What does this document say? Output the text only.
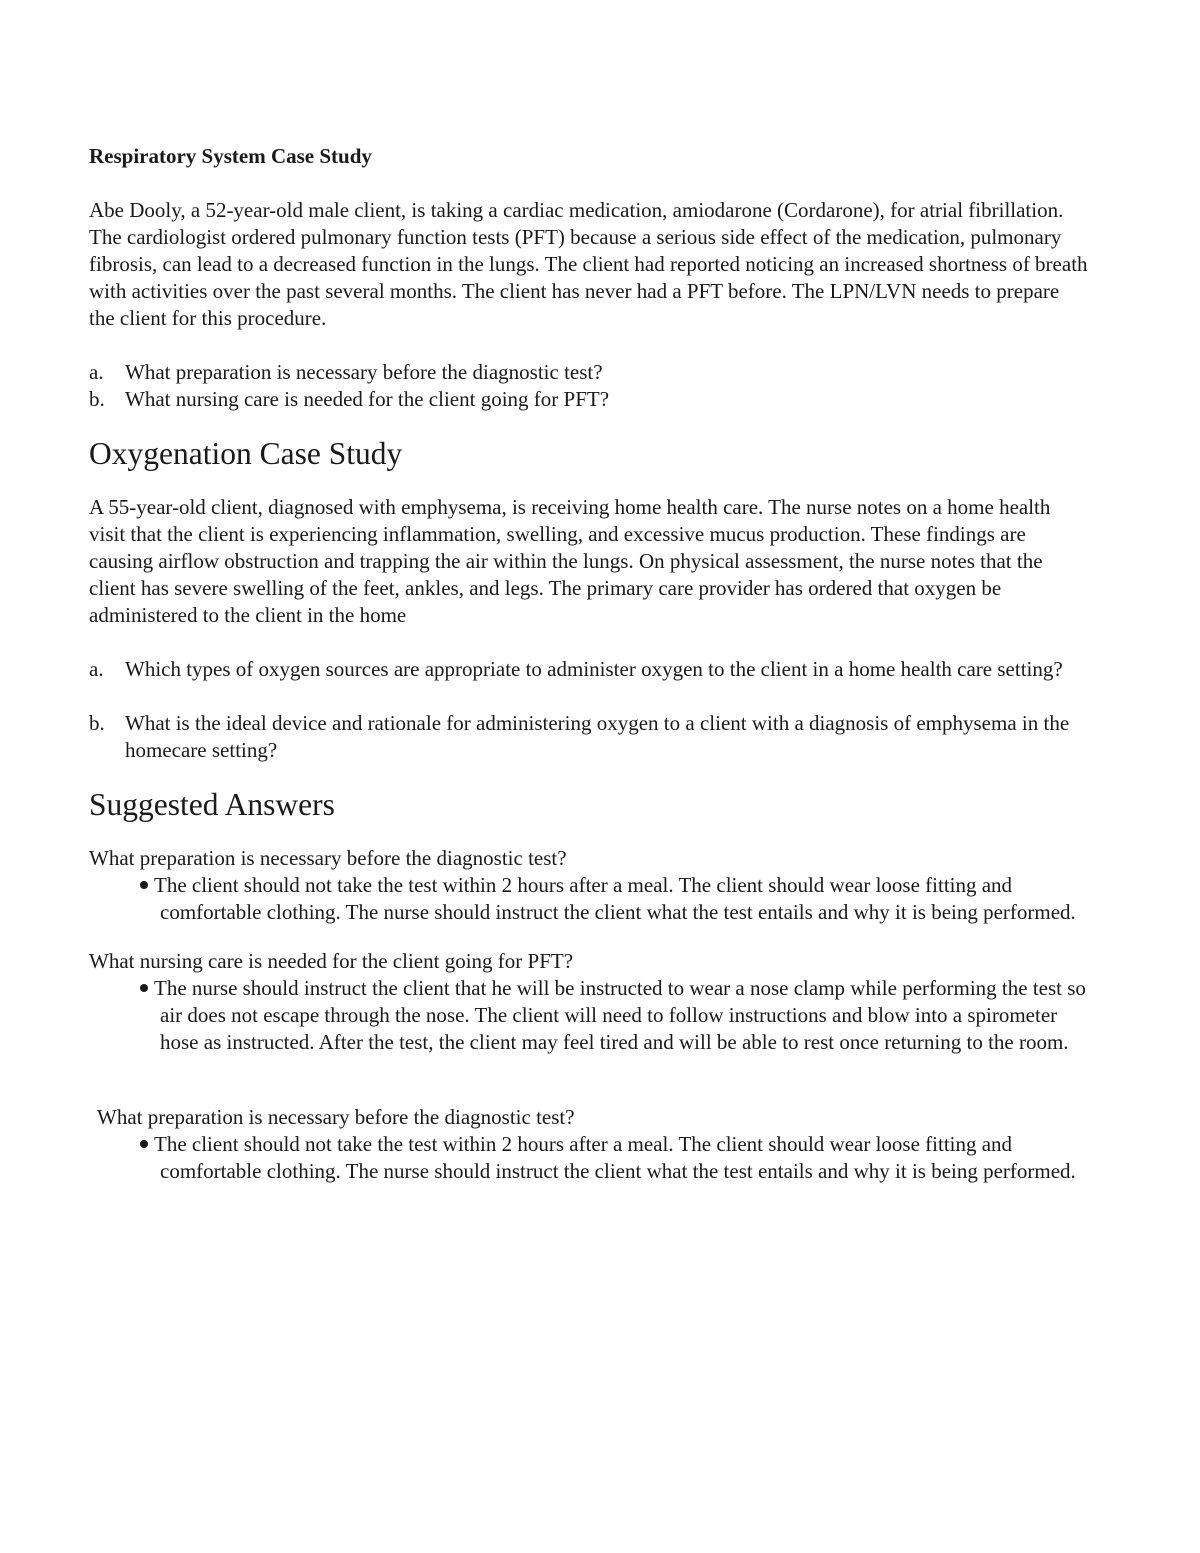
Respiratory System Case Study

Abe Dooly, a 52-year-old male client, is taking a cardiac medication, amiodarone (Cordarone), for atrial fibrillation. The cardiologist ordered pulmonary function tests (PFT) because a serious side effect of the medication, pulmonary fibrosis, can lead to a decreased function in the lungs. The client had reported noticing an increased shortness of breath with activities over the past several months. The client has never had a PFT before. The LPN/LVN needs to prepare the client for this procedure.

a. What preparation is necessary before the diagnostic test?
b. What nursing care is needed for the client going for PFT?
Oxygenation Case Study

A 55-year-old client, diagnosed with emphysema, is receiving home health care. The nurse notes on a home health visit that the client is experiencing inflammation, swelling, and excessive mucus production. These findings are causing airflow obstruction and trapping the air within the lungs. On physical assessment, the nurse notes that the client has severe swelling of the feet, ankles, and legs. The primary care provider has ordered that oxygen be administered to the client in the home

a. Which types of oxygen sources are appropriate to administer oxygen to the client in a home health care setting?
b. What is the ideal device and rationale for administering oxygen to a client with a diagnosis of emphysema in the homecare setting?
Suggested Answers

What preparation is necessary before the diagnostic test?

The client should not take the test within 2 hours after a meal. The client should wear loose fitting and comfortable clothing. The nurse should instruct the client what the test entails and why it is being performed.

What nursing care is needed for the client going for PFT?

The nurse should instruct the client that he will be instructed to wear a nose clamp while performing the test so air does not escape through the nose. The client will need to follow instructions and blow into a spirometer hose as instructed. After the test, the client may feel tired and will be able to rest once returning to the room.

What preparation is necessary before the diagnostic test?

The client should not take the test within 2 hours after a meal. The client should wear loose fitting and comfortable clothing. The nurse should instruct the client what the test entails and why it is being performed.
